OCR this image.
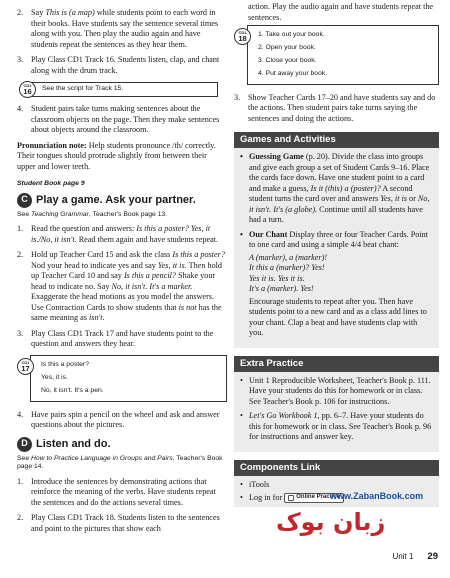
2. Say This is (a map) while students point to each word in their books. Have students say the sentence several times along with you. Then play the audio again and have students repeat the sentences as they hear them.
3. Play Class CD1 Track 16. Students listen, clap, and chant along with the drum track.
CD1
16	See the script for Track 15.
4. Student pairs take turns making sentences about the classroom objects on the page. Then they make sentences about objects around the classroom.
Pronunciation note: Help students pronounce /th/ correctly. Their tongues should protrude slightly from between their upper and lower teeth.
Student Book page 9
C Play a game. Ask your partner.
See Teaching Grammar, Teacher's Book page 13.
1. Read the question and answers: Is this a poster? Yes, it is./No, it isn't. Read them again and have students repeat.
2. Hold up Teacher Card 15 and ask the class Is this a poster? Nod your head to indicate yes and say Yes, it is. Then hold up Teacher Card 10 and say Is this a pencil? Shake your head to indicate no. Say No, it isn't. It's a marker. Exaggerate the head motions as you model the answers. Use Contraction Cards to show students that is not has the same meaning as isn't.
3. Play Class CD1 Track 17 and have students point to the question and answers they hear.
CD1
17 Is this a poster?
Yes, it is.
No, it isn't. It's a pen.
4. Have pairs spin a pencil on the wheel and ask and answer questions about the pictures.
D Listen and do.
See How to Practice Language in Groups and Pairs, Teacher's Book page 14.
1. Introduce the sentences by demonstrating actions that reinforce the meaning of the verbs. Have students repeat the sentences and do the actions several times.
2. Play Class CD1 Track 18. Students listen to the sentences and point to the pictures that show each
action. Play the audio again and have students repeat the sentences.
CD1
18 1. Take out your book.
2. Open your book.
3. Close your book.
4. Put away your book.
3. Show Teacher Cards 17–20 and have students say and do the actions. Then student pairs take turns saying the sentences and doing the actions.
Games and Activities
• Guessing Game (p. 20). Divide the class into groups and give each group a set of Student Cards 9–16. Place the cards face down. Have one student point to a card and make a guess, Is it (this) a (poster)? A second student turns the card over and answers Yes, it is or No, it isn't. It's (a globe). Continue until all students have had a turn.
• Our Chant Display three or four Teacher Cards. Point to one card and using a simple 4/4 beat chant:
A (marker), a (marker)!
It this a (marker)? Yes!
Yes it is. Yes it is.
It's a (marker). Yes!
Encourage students to repeat after you. Then have students point to a new card and as a class add lines to your chant. Clap a beat and have students clap with you.
Extra Practice
• Unit 1 Reproducible Worksheet, Teacher's Book p. 111. Have your students do this for homework or in class. See Teacher's Book p. 106 for instructions.
• Let's Go Workbook 1, pp. 6–7. Have your students do this for homework or in class. See Teacher's Book p. 96 for instructions and answer key.
Components Link
• iTools
• Log in for Online Practice
www.ZabanBook.com
زبان بوک
Unit 1 29
